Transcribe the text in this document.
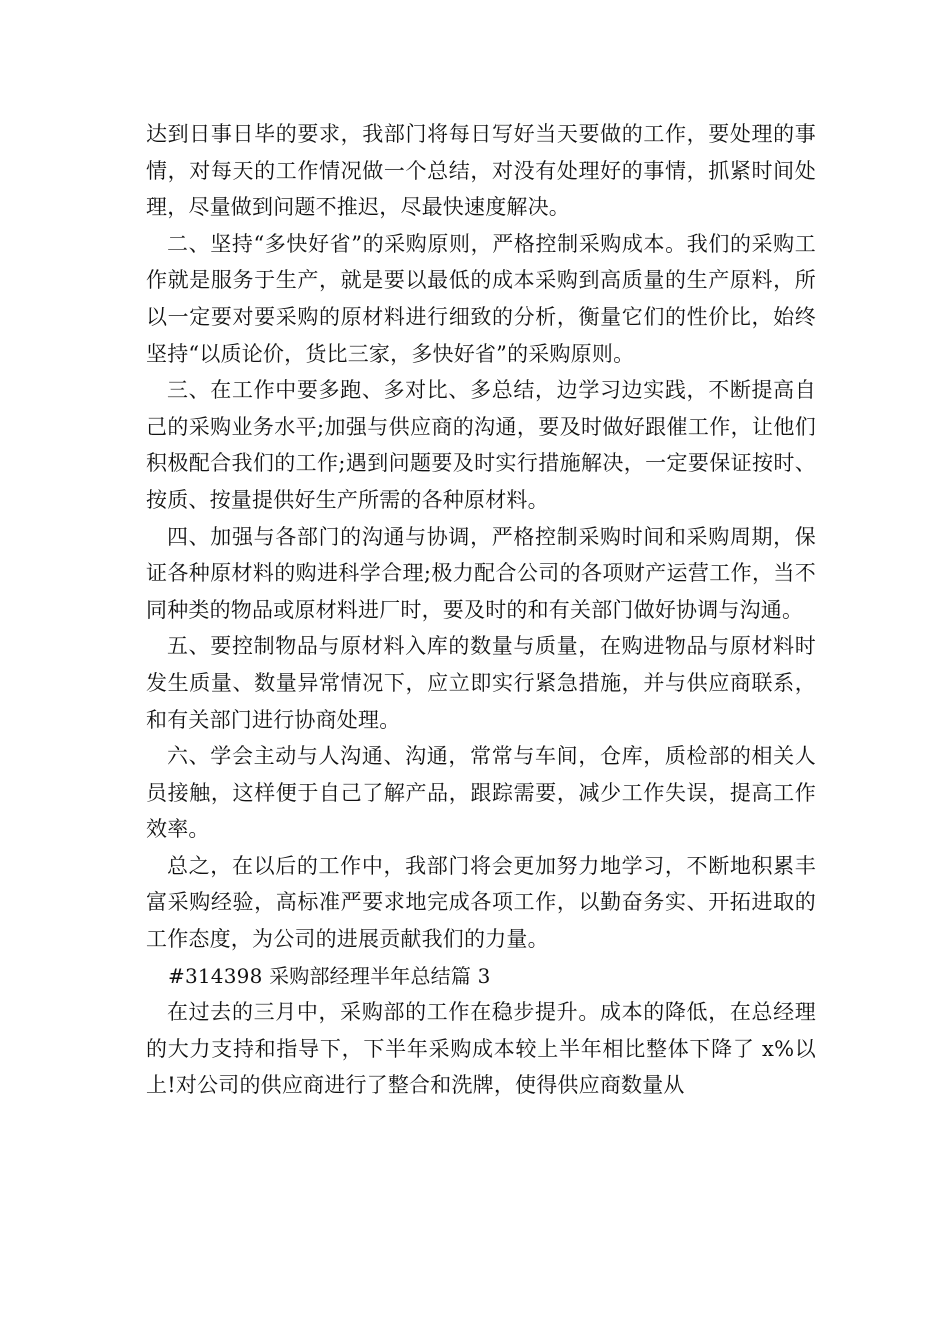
达到日事日毕的要求，我部门将每日写好当天要做的工作，要处理的事情，对每天的工作情况做一个总结，对没有处理好的事情，抓紧时间处理，尽量做到问题不推迟，尽最快速度解决。

二、坚持“多快好省”的采购原则，严格控制采购成本。我们的采购工作就是服务于生产，就是要以最低的成本采购到高质量的生产原料，所以一定要对要采购的原材料进行细致的分析，衡量它们的性价比，始终坚持“以质论价，货比三家，多快好省”的采购原则。

三、在工作中要多跑、多对比、多总结，边学习边实践，不断提高自己的采购业务水平;加强与供应商的沟通，要及时做好跟催工作，让他们积极配合我们的工作;遇到问题要及时实行措施解决，一定要保证按时、按质、按量提供好生产所需的各种原材料。

四、加强与各部门的沟通与协调，严格控制采购时间和采购周期，保证各种原材料的购进科学合理;极力配合公司的各项财产运营工作，当不同种类的物品或原材料进厂时，要及时的和有关部门做好协调与沟通。

五、要控制物品与原材料入库的数量与质量，在购进物品与原材料时发生质量、数量异常情况下，应立即实行紧急措施，并与供应商联系，和有关部门进行协商处理。

六、学会主动与人沟通、沟通，常常与车间，仓库，质检部的相关人员接触，这样便于自己了解产品，跟踪需要，减少工作失误，提高工作效率。

总之，在以后的工作中，我部门将会更加努力地学习，不断地积累丰富采购经验，高标准严要求地完成各项工作，以勤奋务实、开拓进取的工作态度，为公司的进展贡献我们的力量。

#314398 采购部经理半年总结篇 3

在过去的三月中，采购部的工作在稳步提升。成本的降低，在总经理的大力支持和指导下，下半年采购成本较上半年相比整体下降了 x%以上!对公司的供应商进行了整合和洗牌，使得供应商数量从
